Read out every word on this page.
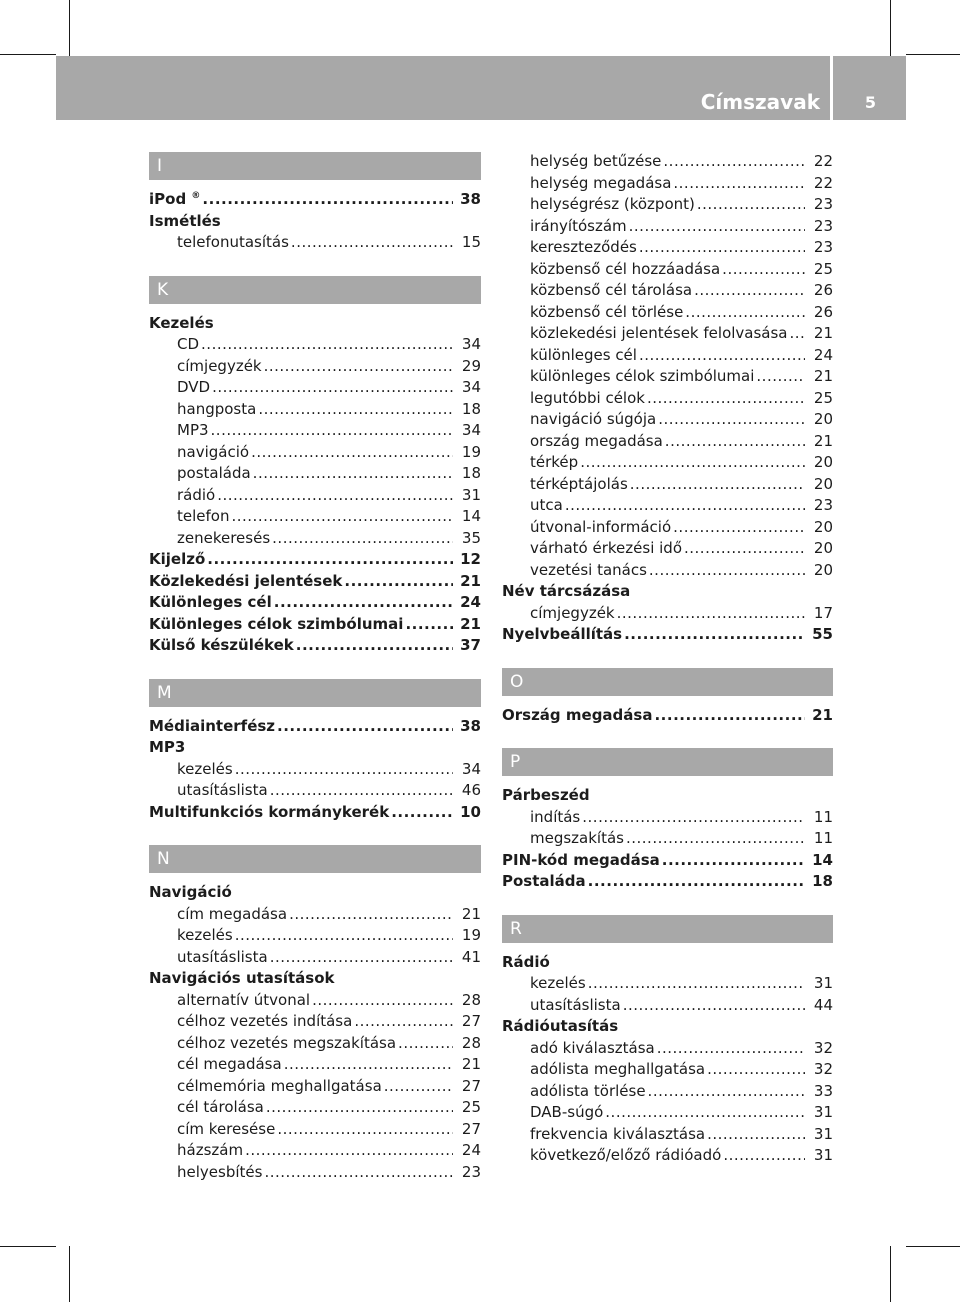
Címszavak	5
I
iPod ® .....	38
Ismétlés
telefonutasítás .....	15
K
Kezelés
CD .....	34
címjegyzék .....	29
DVD .....	34
hangposta .....	18
MP3 .....	34
navigáció .....	19
postaláda .....	18
rádió .....	31
telefon .....	14
zenekeresés .....	35
Kijelző .....	12
Közlekedési jelentések .....	21
Különleges cél .....	24
Különleges célok szimbólumai .....	21
Külső készülékek .....	37
M
Médiainterfész .....	38
MP3
kezelés .....	34
utasításlista .....	46
Multifunkciós kormánykerék .....	10
N
Navigáció
cím megadása .....	21
kezelés .....	19
utasításlista .....	41
Navigációs utasítások
alternatív útvonal .....	28
célhoz vezetés indítása .....	27
célhoz vezetés megszakítása .....	28
cél megadása .....	21
célmemória meghallgatása .....	27
cél tárolása .....	25
cím keresése .....	27
házszám .....	24
helyesbítés .....	23
helység betűzése .....	22
helység megadása .....	22
helységrész (központ) .....	23
irányítószám .....	23
kereszteződés .....	23
közbenső cél hozzáadása .....	25
közbenső cél tárolása .....	26
közbenső cél törlése .....	26
közlekedési jelentések felolvasása .....	21
különleges cél .....	24
különleges célok szimbólumai .....	21
legutóbbi célok .....	25
navigáció súgója .....	20
ország megadása .....	21
térkép .....	20
térképtájolás .....	20
utca .....	23
útvonal-információ .....	20
várható érkezési idő .....	20
vezetési tanács .....	20
Név tárcsázása
címjegyzék .....	17
Nyelvbeállítás .....	55
O
Ország megadása .....	21
P
Párbeszéd
indítás .....	11
megszakítás .....	11
PIN-kód megadása .....	14
Postaláda .....	18
R
Rádió
kezelés .....	31
utasításlista .....	44
Rádióutasítás
adó kiválasztása .....	32
adólista meghallgatása .....	32
adólista törlése .....	33
DAB-súgó .....	31
frekvencia kiválasztása .....	31
következő/előző rádióadó .....	31
